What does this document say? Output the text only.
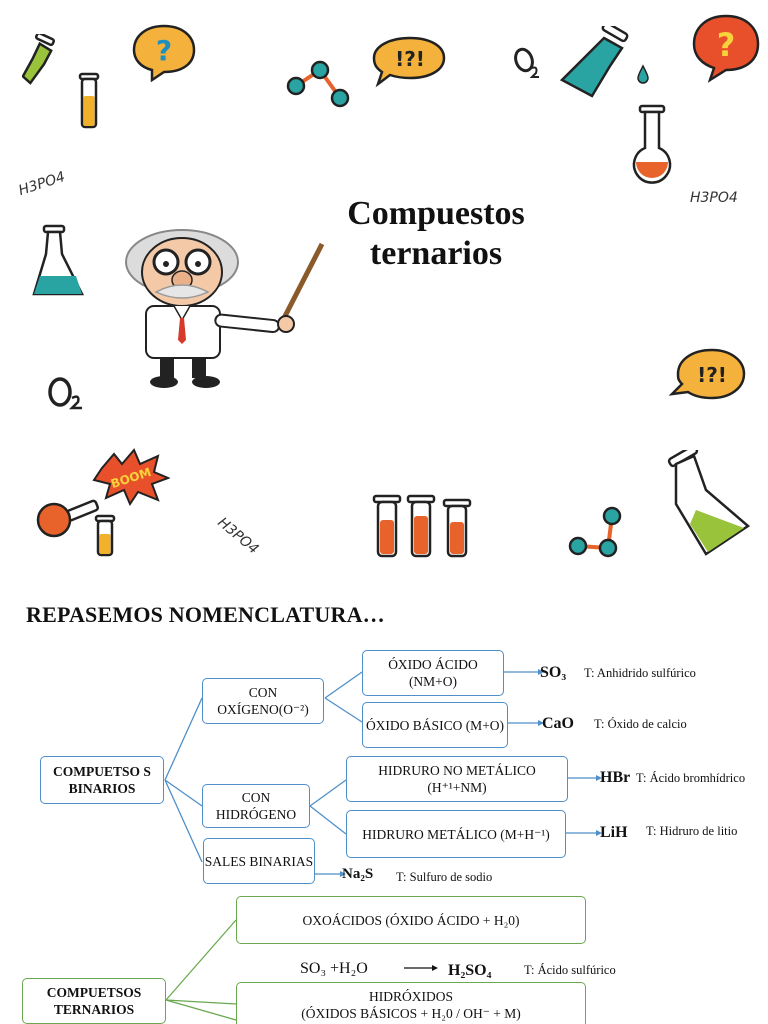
?	!?!	?
H3PO4	H3PO4
Compuestos
ternarios
!?!
BOOM
H3PO4
REPASEMOS NOMENCLATURA…
COMPUETSO S BINARIOS
CON OXÍGENO(O⁻²)
ÓXIDO ÁCIDO (NM+O)
ÓXIDO BÁSICO (M+O)
CON HIDRÓGENO
HIDRURO NO METÁLICO (H⁺¹+NM)
HIDRURO METÁLICO (M+H⁻¹)
SALES BINARIAS
SO₃ T: Anhidrido sulfúrico
CaO T: Óxido de calcio
HBr T: Ácido bromhídrico
LiH T: Hidruro de litio
Na₂S T: Sulfuro de sodio
COMPUETSOS TERNARIOS
OXOÁCIDOS (ÓXIDO ÁCIDO + H₂0)
SO₃ +H₂O	H₂SO₄	T: Ácido sulfúrico
HIDRÓXIDOS
(ÓXIDOS BÁSICOS + H₂0 / OH⁻ + M)
